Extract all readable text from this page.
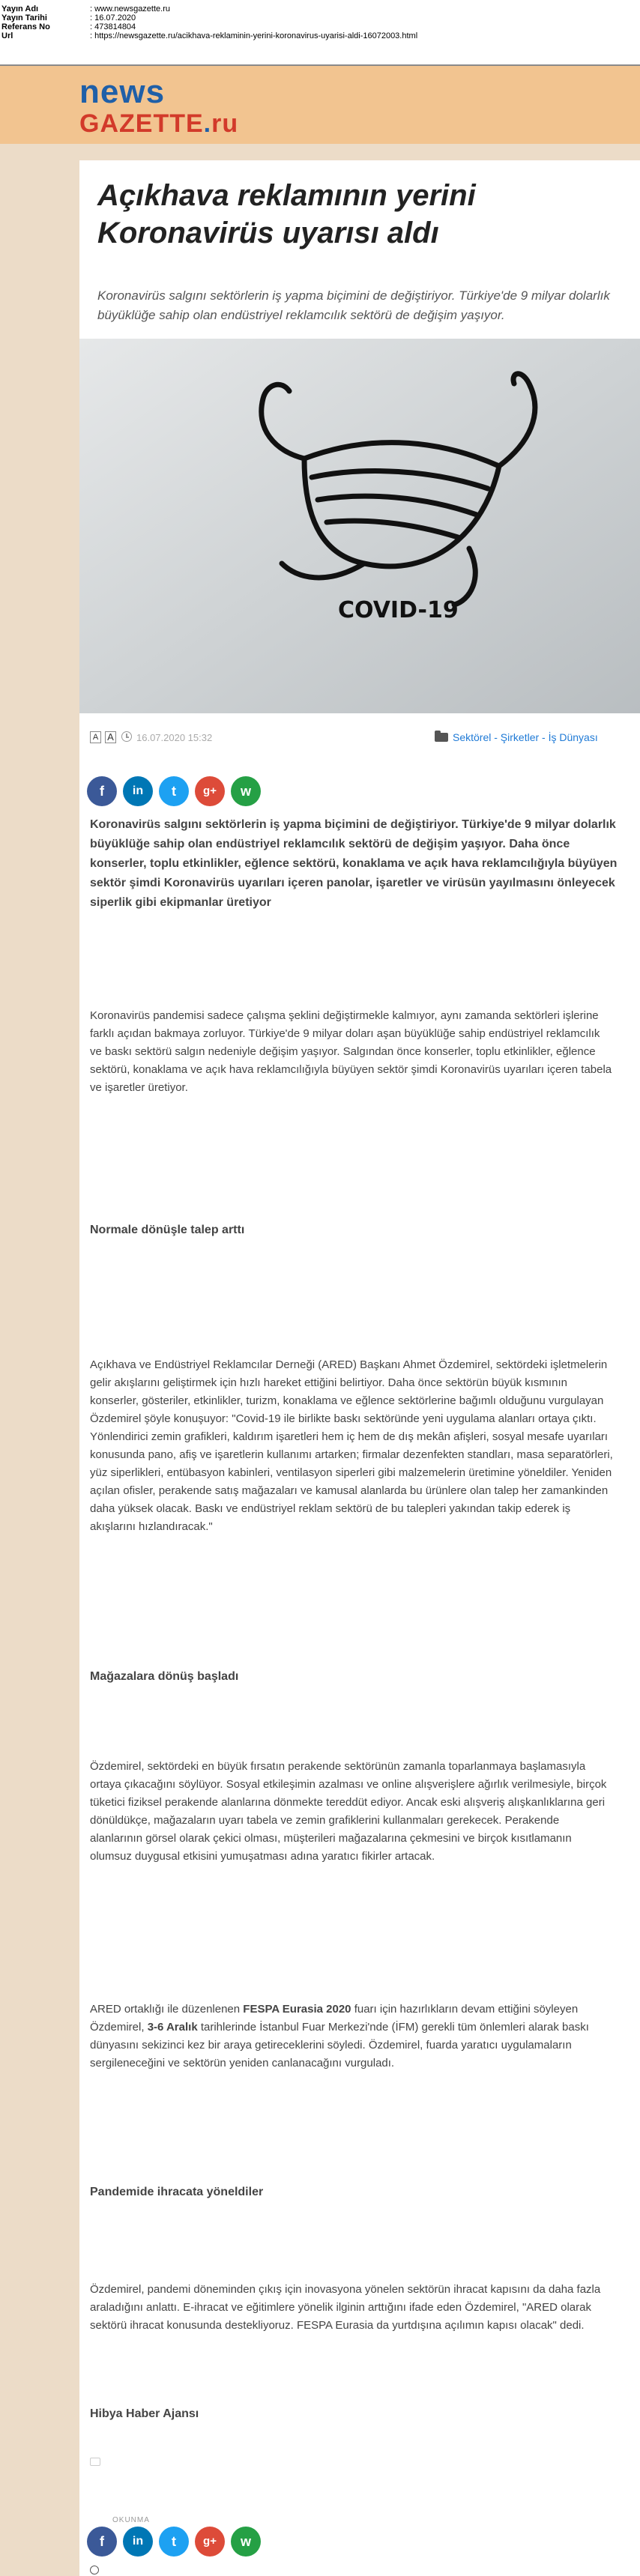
Yayın Adı	: www.newsgazette.ru
Yayın Tarihi	: 16.07.2020
Referans No	: 473814804
Url	: https://newsgazette.ru/acikhava-reklaminin-yerini-koronavirus-uyarisi-aldi-16072003.html
news
GAZETTE.ru
Açıkhava reklamının yerini Koronavirüs uyarısı aldı

Koronavirüs salgını sektörlerin iş yapma biçimini de değiştiriyor. Türkiye'de 9 milyar dolarlık büyüklüğe sahip olan endüstriyel reklamcılık sektörü de değişim yaşıyor.

COVID-19
A A 16.07.2020 15:32	Sektörel - Şirketler - İş Dünyası
f	in	t	g+	w

Koronavirüs salgını sektörlerin iş yapma biçimini de değiştiriyor. Türkiye'de 9 milyar dolarlık büyüklüğe sahip olan endüstriyel reklamcılık sektörü de değişim yaşıyor. Daha önce konserler, toplu etkinlikler, eğlence sektörü, konaklama ve açık hava reklamcılığıyla büyüyen sektör şimdi Koronavirüs uyarıları içeren panolar, işaretler ve virüsün yayılmasını önleyecek siperlik gibi ekipmanlar üretiyor

Koronavirüs pandemisi sadece çalışma şeklini değiştirmekle kalmıyor, aynı zamanda sektörleri işlerine farklı açıdan bakmaya zorluyor. Türkiye'de 9 milyar doları aşan büyüklüğe sahip endüstriyel reklamcılık ve baskı sektörü salgın nedeniyle değişim yaşıyor. Salgından önce konserler, toplu etkinlikler, eğlence sektörü, konaklama ve açık hava reklamcılığıyla büyüyen sektör şimdi Koronavirüs uyarıları içeren tabela ve işaretler üretiyor.

Normale dönüşle talep arttı

Açıkhava ve Endüstriyel Reklamcılar Derneği (ARED) Başkanı Ahmet Özdemirel, sektördeki işletmelerin gelir akışlarını geliştirmek için hızlı hareket ettiğini belirtiyor. Daha önce sektörün büyük kısmının konserler, gösteriler, etkinlikler, turizm, konaklama ve eğlence sektörlerine bağımlı olduğunu vurgulayan Özdemirel şöyle konuşuyor: "Covid-19 ile birlikte baskı sektöründe yeni uygulama alanları ortaya çıktı. Yönlendirici zemin grafikleri, kaldırım işaretleri hem iç hem de dış mekân afişleri, sosyal mesafe uyarıları konusunda pano, afiş ve işaretlerin kullanımı artarken; firmalar dezenfekten standları, masa separatörleri, yüz siperlikleri, entübasyon kabinleri, ventilasyon siperleri gibi malzemelerin üretimine yöneldiler. Yeniden açılan ofisler, perakende satış mağazaları ve kamusal alanlarda bu ürünlere olan talep her zamankinden daha yüksek olacak. Baskı ve endüstriyel reklam sektörü de bu talepleri yakından takip ederek iş akışlarını hızlandıracak."

Mağazalara dönüş başladı

Özdemirel, sektördeki en büyük fırsatın perakende sektörünün zamanla toparlanmaya başlamasıyla ortaya çıkacağını söylüyor. Sosyal etkileşimin azalması ve online alışverişlere ağırlık verilmesiyle, birçok tüketici fiziksel perakende alanlarına dönmekte tereddüt ediyor. Ancak eski alışveriş alışkanlıklarına geri dönüldükçe, mağazaların uyarı tabela ve zemin grafiklerini kullanmaları gerekecek. Perakende alanlarının görsel olarak çekici olması, müşterileri mağazalarına çekmesini ve birçok kısıtlamanın olumsuz duygusal etkisini yumuşatması adına yaratıcı fikirler artacak.

ARED ortaklığı ile düzenlenen FESPA Eurasia 2020 fuarı için hazırlıkların devam ettiğini söyleyen Özdemirel, 3-6 Aralık tarihlerinde İstanbul Fuar Merkezi'nde (İFM) gerekli tüm önlemleri alarak baskı dünyasını sekizinci kez bir araya getireceklerini söyledi. Özdemirel, fuarda yaratıcı uygulamaların sergileneceğini ve sektörün yeniden canlanacağını vurguladı.

Pandemide ihracata yöneldiler

Özdemirel, pandemi döneminden çıkış için inovasyona yönelen sektörün ihracat kapısını da daha fazla araladığını anlattı. E-ihracat ve eğitimlere yönelik ilginin arttığını ifade eden Özdemirel, "ARED olarak sektörü ihracat konusunda destekliyoruz. FESPA Eurasia da yurtdışına açılımın kapısı olacak" dedi.

Hibya Haber Ajansı
OKUNMA
f	in	t	g+	w
